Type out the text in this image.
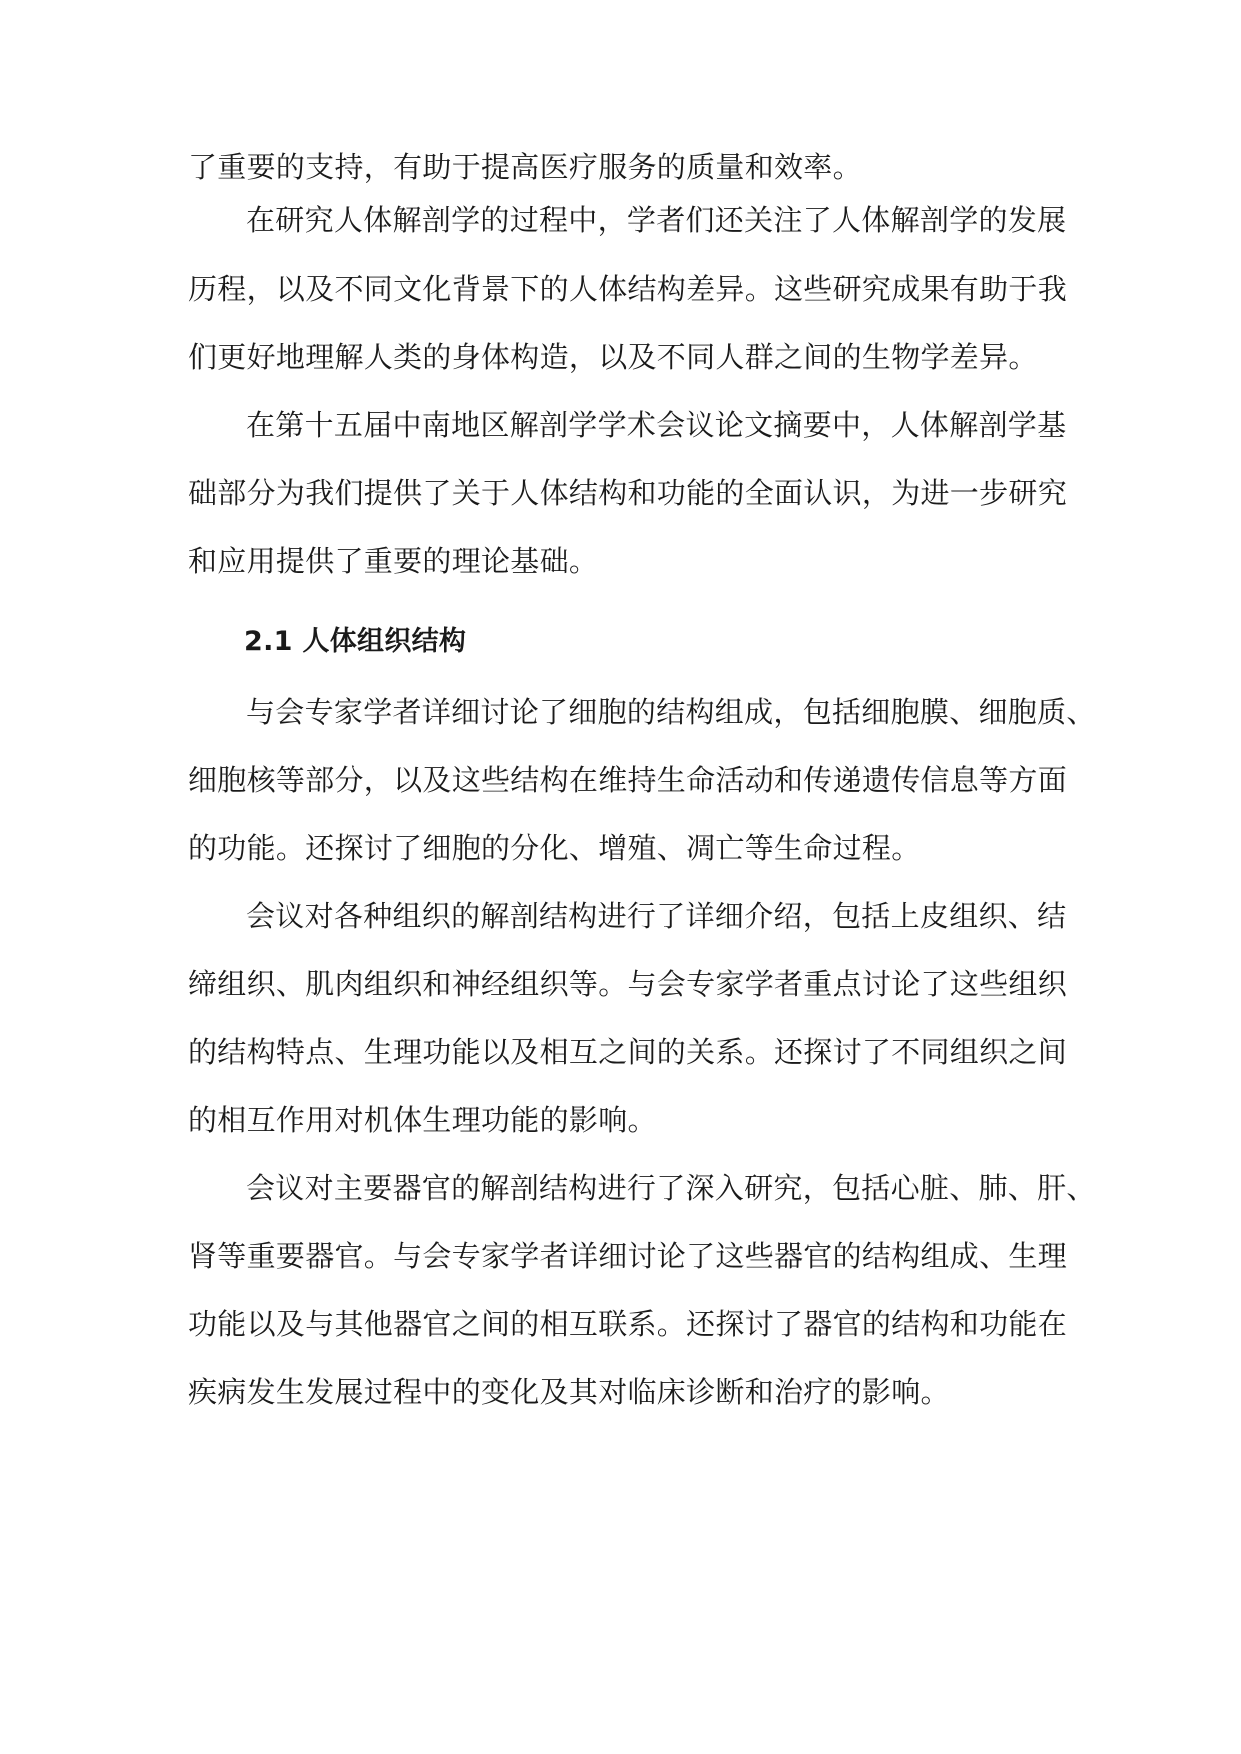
了重要的支持，有助于提高医疗服务的质量和效率。
在研究人体解剖学的过程中，学者们还关注了人体解剖学的发展
历程，以及不同文化背景下的人体结构差异。这些研究成果有助于我
们更好地理解人类的身体构造，以及不同人群之间的生物学差异。
在第十五届中南地区解剖学学术会议论文摘要中，人体解剖学基
础部分为我们提供了关于人体结构和功能的全面认识，为进一步研究
和应用提供了重要的理论基础。
2.1 人体组织结构
与会专家学者详细讨论了细胞的结构组成，包括细胞膜、细胞质、
细胞核等部分，以及这些结构在维持生命活动和传递遗传信息等方面
的功能。还探讨了细胞的分化、增殖、凋亡等生命过程。
会议对各种组织的解剖结构进行了详细介绍，包括上皮组织、结
缔组织、肌肉组织和神经组织等。与会专家学者重点讨论了这些组织
的结构特点、生理功能以及相互之间的关系。还探讨了不同组织之间
的相互作用对机体生理功能的影响。
会议对主要器官的解剖结构进行了深入研究，包括心脏、肺、肝、
肾等重要器官。与会专家学者详细讨论了这些器官的结构组成、生理
功能以及与其他器官之间的相互联系。还探讨了器官的结构和功能在
疾病发生发展过程中的变化及其对临床诊断和治疗的影响。
